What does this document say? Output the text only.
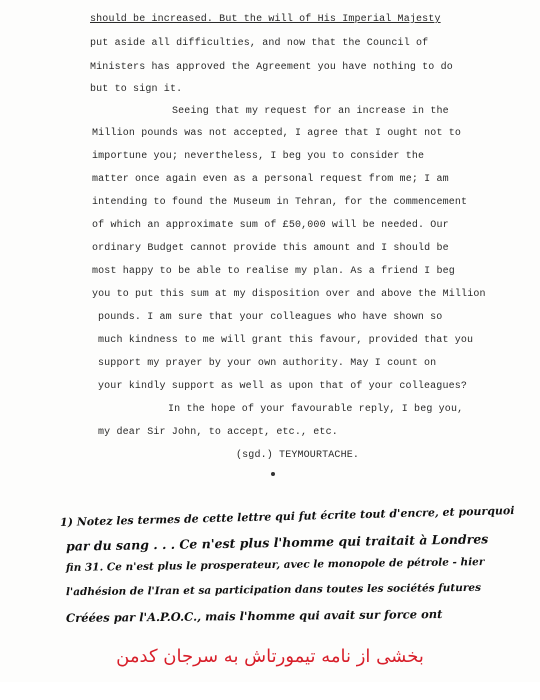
should be increased. But the will of His Imperial Majesty
put aside all difficulties, and now that the Council of
Ministers has approved the Agreement you have nothing to do
but to sign it.
Seeing that my request for an increase in the
Million pounds was not accepted, I agree that I ought not to
importune you; nevertheless, I beg you to consider the
matter once again even as a personal request from me; I am
intending to found the Museum in Tehran, for the commencement
of which an approximate sum of £50,000 will be needed. Our
ordinary Budget cannot provide this amount and I should be
most happy to be able to realise my plan. As a friend I beg
you to put this sum at my disposition over and above the Million
pounds. I am sure that your colleagues who have shown so
much kindness to me will grant this favour, provided that you
support my prayer by your own authority. May I count on
your kindly support as well as upon that of your colleagues?
In the hope of your favourable reply, I beg you,
my dear Sir John, to accept, etc., etc.
(sgd.) TEYMOURTACHE.
1) Notez les termes de cette lettre qui fut écrite tout d'encre, et pourquoi
par du sang . . . Ce n'est plus l'homme qui traitait à Londres
fin 31. Ce n'est plus le prosperateur, avec le monopole de pétrole - hier
l'adhésion de l'Iran et sa participation dans toutes les sociétés futures
Créées par l'A.P.O.C., mais l'homme qui avait sur force ont
بخشی از نامه تیمورتاش به سرجان کدمن
